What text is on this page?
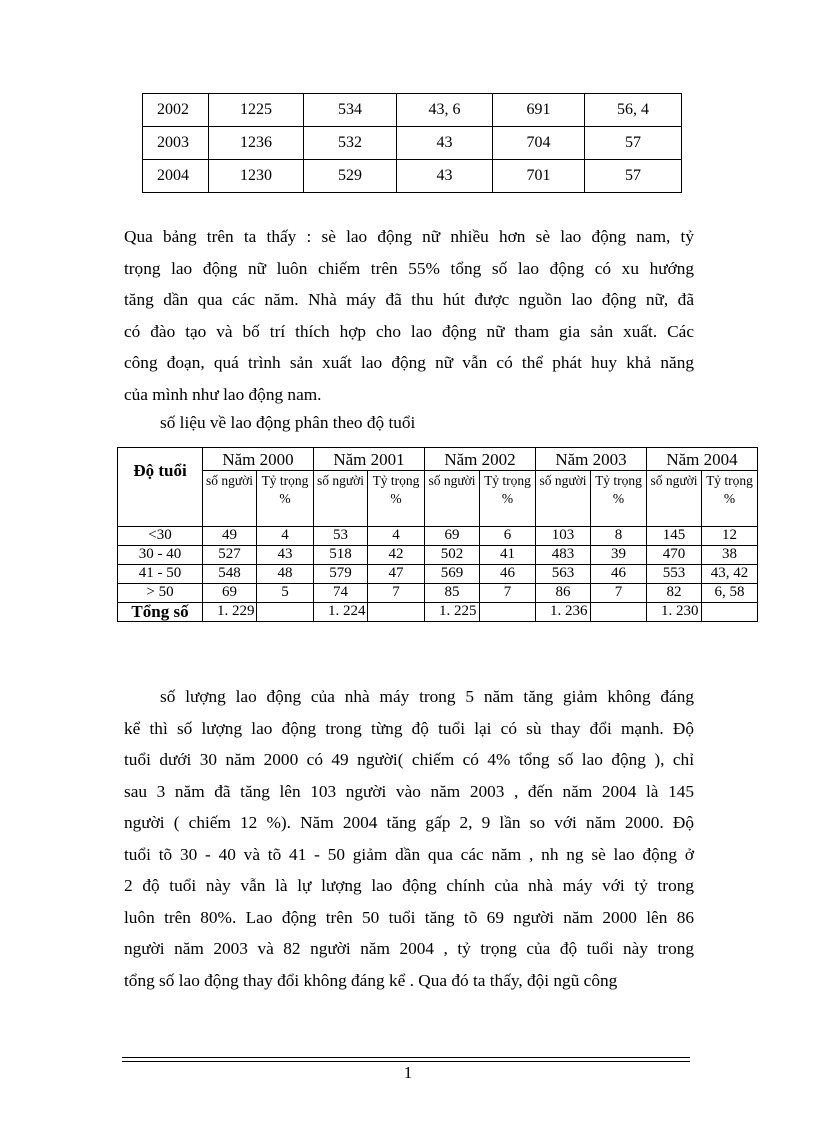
2002	1225	534	43, 6	691	56, 4
2003	1236	532	43	704	57
2004	1230	529	43	701	57
Qua bảng trên ta thấy : sè lao động nữ nhiều hơn sè lao động nam, tỷ
trọng lao động nữ luôn chiếm trên 55% tổng số lao động có xu hướng
tăng dần qua các năm. Nhà máy đã thu hút được nguồn lao động nữ, đã
có đào tạo và bố trí thích hợp cho lao động nữ tham gia sản xuất. Các
công đoạn, quá trình sản xuất lao động nữ vẫn có thể phát huy khả năng
của mình như lao động nam.

số liệu về lao động phân theo độ tuổi

Độ tuổi	Năm 2000		Năm 2001		Năm 2002		Năm 2003		Năm 2004	
	số người	Tỷ trọng %	số người	Tỷ trọng %	số người	Tỷ trọng %	số người	Tỷ trọng %	số người	Tỷ trọng %
<30	49	4	53	4	69	6	103	8	145	12
30 - 40	527	43	518	42	502	41	483	39	470	38
41 - 50	548	48	579	47	569	46	563	46	553	43, 42
> 50	69	5	74	7	85	7	86	7	82	6, 58
Tổng số	1. 229		1. 224		1. 225		1. 236		1. 230	
số lượng lao động của nhà máy trong 5 năm tăng giảm không đáng
kể thì số lượng lao động trong từng độ tuổi lại có sù thay đổi mạnh. Độ
tuổi dưới 30 năm 2000 có 49 người( chiếm có 4% tổng số lao động ), chỉ
sau 3 năm đã tăng lên 103 người vào năm 2003 , đến năm 2004 là 145
người ( chiếm 12 %). Năm 2004 tăng gấp 2, 9 lần so với năm 2000. Độ
tuổi tõ 30 - 40 và tõ 41 - 50 giảm dần qua các năm , nh ng sè lao động ở
2 độ tuổi này vẫn là lự lượng lao động chính của nhà máy với tỷ trong
luôn trên 80%. Lao động trên 50 tuổi tăng tõ 69 người năm 2000 lên 86
người năm 2003 và 82 người năm 2004 , tỷ trọng của độ tuổi này trong
tổng số lao động thay đổi không đáng kể . Qua đó ta thấy, đội ngũ công
1
